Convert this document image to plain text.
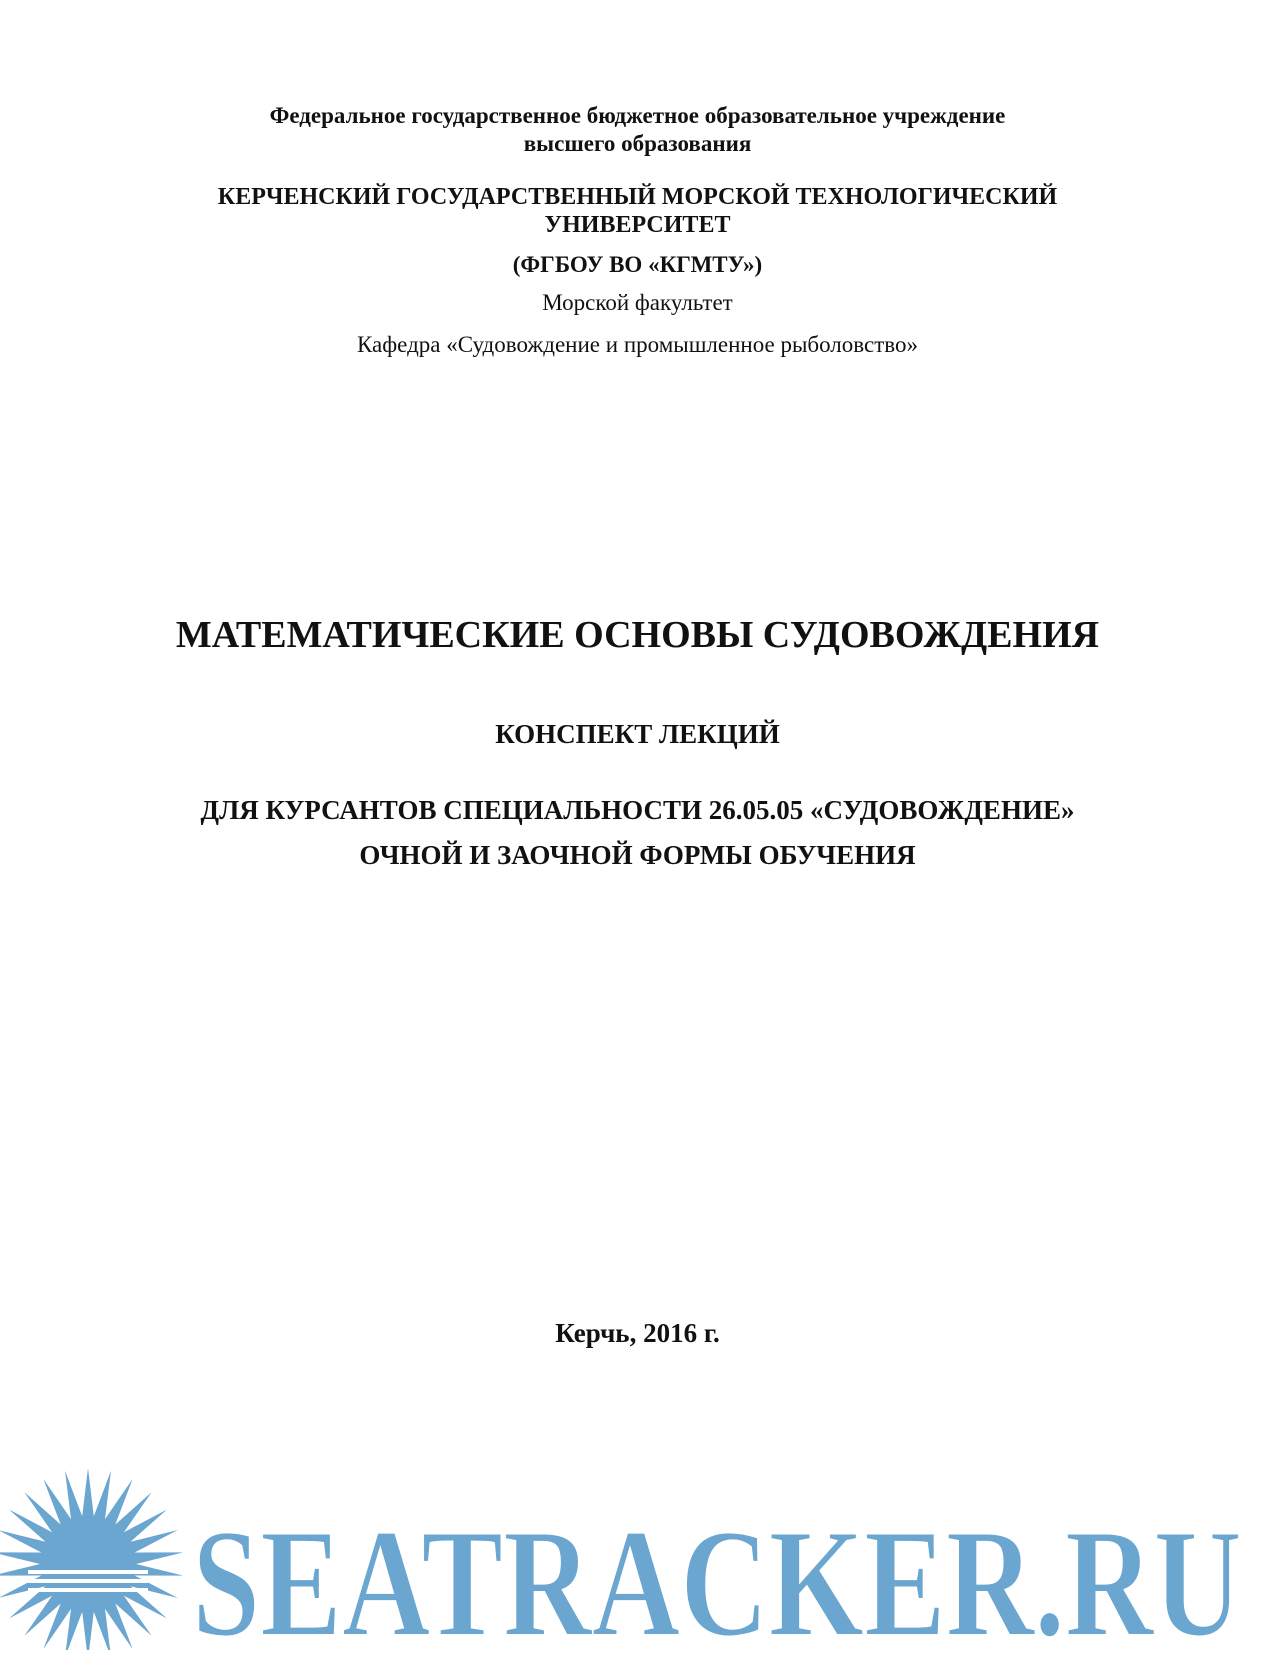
Федеральное государственное бюджетное образовательное учреждение
высшего образования
КЕРЧЕНСКИЙ ГОСУДАРСТВЕННЫЙ МОРСКОЙ ТЕХНОЛОГИЧЕСКИЙ
УНИВЕРСИТЕТ
(ФГБОУ ВО «КГМТУ»)
Морской факультет
Кафедра «Судовождение и промышленное рыболовство»
МАТЕМАТИЧЕСКИЕ ОСНОВЫ СУДОВОЖДЕНИЯ
КОНСПЕКТ ЛЕКЦИЙ
ДЛЯ КУРСАНТОВ СПЕЦИАЛЬНОСТИ 26.05.05 «СУДОВОЖДЕНИЕ»
ОЧНОЙ И ЗАОЧНОЙ ФОРМЫ ОБУЧЕНИЯ
Керчь, 2016 г.
SEATRACKER.RU
